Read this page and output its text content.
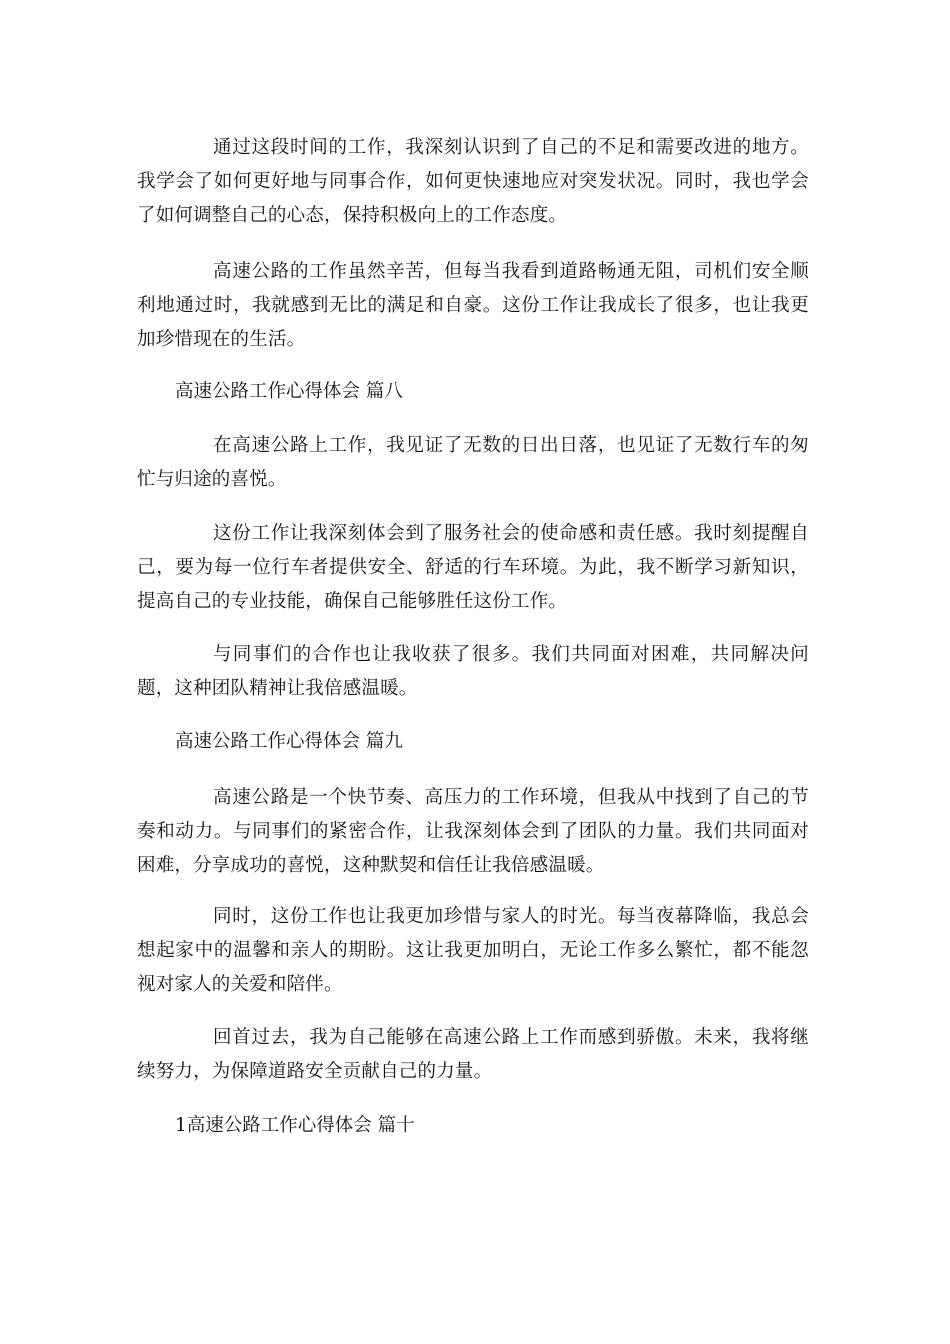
通过这段时间的工作，我深刻认识到了自己的不足和需要改进的地方。我学会了如何更好地与同事合作，如何更快速地应对突发状况。同时，我也学会了如何调整自己的心态，保持积极向上的工作态度。

高速公路的工作虽然辛苦，但每当我看到道路畅通无阻，司机们安全顺利地通过时，我就感到无比的满足和自豪。这份工作让我成长了很多，也让我更加珍惜现在的生活。

高速公路工作心得体会 篇八

在高速公路上工作，我见证了无数的日出日落，也见证了无数行车的匆忙与归途的喜悦。

这份工作让我深刻体会到了服务社会的使命感和责任感。我时刻提醒自己，要为每一位行车者提供安全、舒适的行车环境。为此，我不断学习新知识，提高自己的专业技能，确保自己能够胜任这份工作。

与同事们的合作也让我收获了很多。我们共同面对困难，共同解决问题，这种团队精神让我倍感温暖。

高速公路工作心得体会 篇九

高速公路是一个快节奏、高压力的工作环境，但我从中找到了自己的节奏和动力。与同事们的紧密合作，让我深刻体会到了团队的力量。我们共同面对困难，分享成功的喜悦，这种默契和信任让我倍感温暖。

同时，这份工作也让我更加珍惜与家人的时光。每当夜幕降临，我总会想起家中的温馨和亲人的期盼。这让我更加明白，无论工作多么繁忙，都不能忽视对家人的关爱和陪伴。

回首过去，我为自己能够在高速公路上工作而感到骄傲。未来，我将继续努力，为保障道路安全贡献自己的力量。

1高速公路工作心得体会 篇十
